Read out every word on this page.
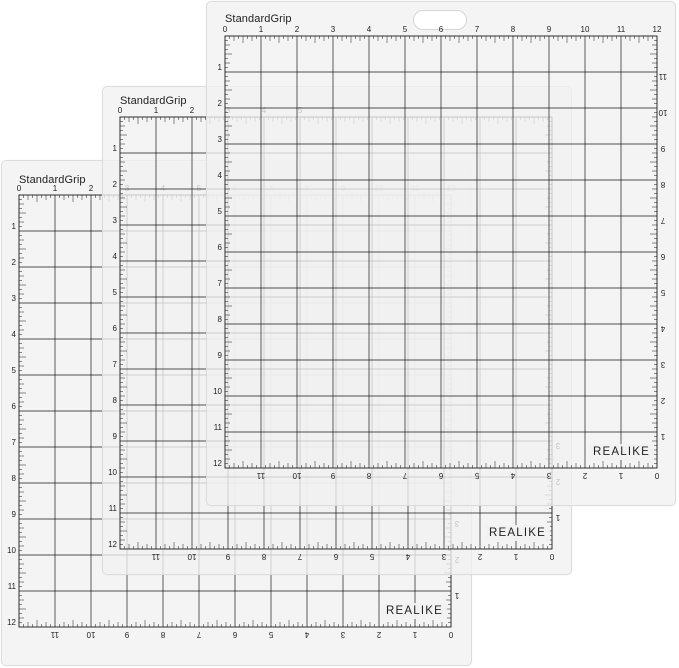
StandardGrip
0	1	2
1
2
3
4
5
6
7
8
9
10
11
12
0
1
2
3
4
5
6
7
8
9
10
11
1
REALIKE
StandardGrip
0	1	2
1
2
3
4
5
6
7
8
9
10
11
12
0
1
2
3
4
5
6
7
8
9
10
11
1
REALIKE
StandardGrip
0	1	2	3	4	5	6	7	8	9	10	11	12
1
2
3
4
5
6
7
8
9
10
11
12
0
1
2
3
4
5
6
7
8
9
10
11
1
2
3
4
5
6
7
8
9
10
11
REALIKE
